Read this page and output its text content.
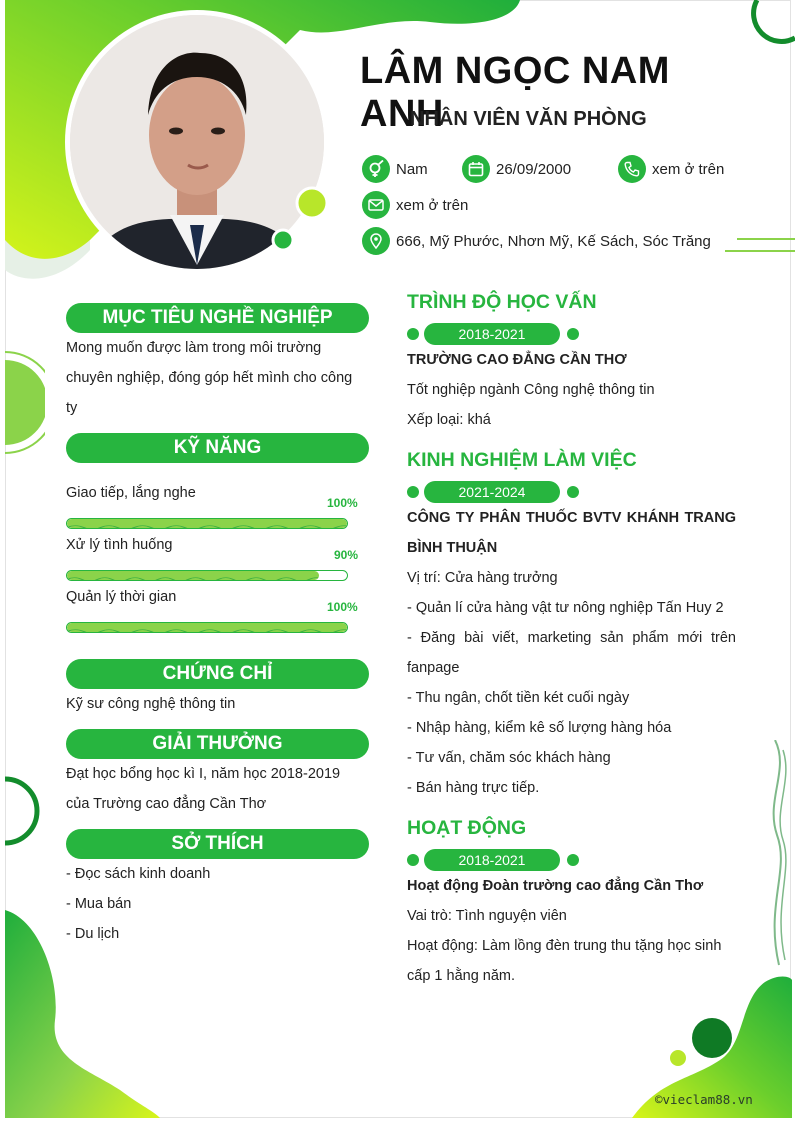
LÂM NGỌC NAM ANH
NHÂN VIÊN VĂN PHÒNG
Nam	26/09/2000	xem ở trên
xem ở trên
666, Mỹ Phước, Nhơn Mỹ, Kế Sách, Sóc Trăng
MỤC TIÊU NGHỀ NGHIỆP
Mong muốn được làm trong môi trường
chuyên nghiệp, đóng góp hết mình cho công
ty
KỸ NĂNG
Giao tiếp, lắng nghe
100%
Xử lý tình huống
90%
Quản lý thời gian
100%
CHỨNG CHỈ
Kỹ sư công nghệ thông tin
GIẢI THƯỞNG
Đạt học bổng học kì I, năm học 2018-2019
của Trường cao đẳng Cần Thơ
SỞ THÍCH
- Đọc sách kinh doanh
- Mua bán
- Du lịch
TRÌNH ĐỘ HỌC VẤN
2018-2021
TRƯỜNG CAO ĐẲNG CẦN THƠ
Tốt nghiệp ngành Công nghệ thông tin
Xếp loại: khá
KINH NGHIỆM LÀM VIỆC
2021-2024
CÔNG TY PHÂN THUỐC BVTV KHÁNH TRANG
BÌNH THUẬN
Vị trí: Cửa hàng trưởng
- Quản lí cửa hàng vật tư nông nghiệp Tấn Huy 2
- Đăng bài viết, marketing sản phẩm mới trên
fanpage
- Thu ngân, chốt tiền két cuối ngày
- Nhập hàng, kiểm kê số lượng hàng hóa
- Tư vấn, chăm sóc khách hàng
- Bán hàng trực tiếp.
HOẠT ĐỘNG
2018-2021
Hoạt động Đoàn trường cao đẳng Cần Thơ
Vai trò: Tình nguyện viên
Hoạt động: Làm lồng đèn trung thu tặng học sinh
cấp 1 hằng năm.
©vieclam88.vn
